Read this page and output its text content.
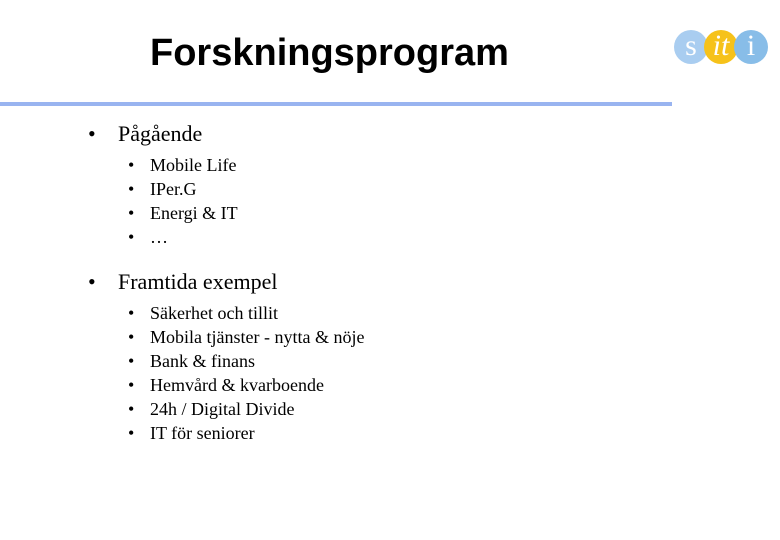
Forskningsprogram	s it i
• Pågående
• Mobile Life
• IPer.G
• Energi & IT
• …
• Framtida exempel
• Säkerhet och tillit
• Mobila tjänster - nytta & nöje
• Bank & finans
• Hemvård & kvarboende
• 24h / Digital Divide
• IT för seniorer
